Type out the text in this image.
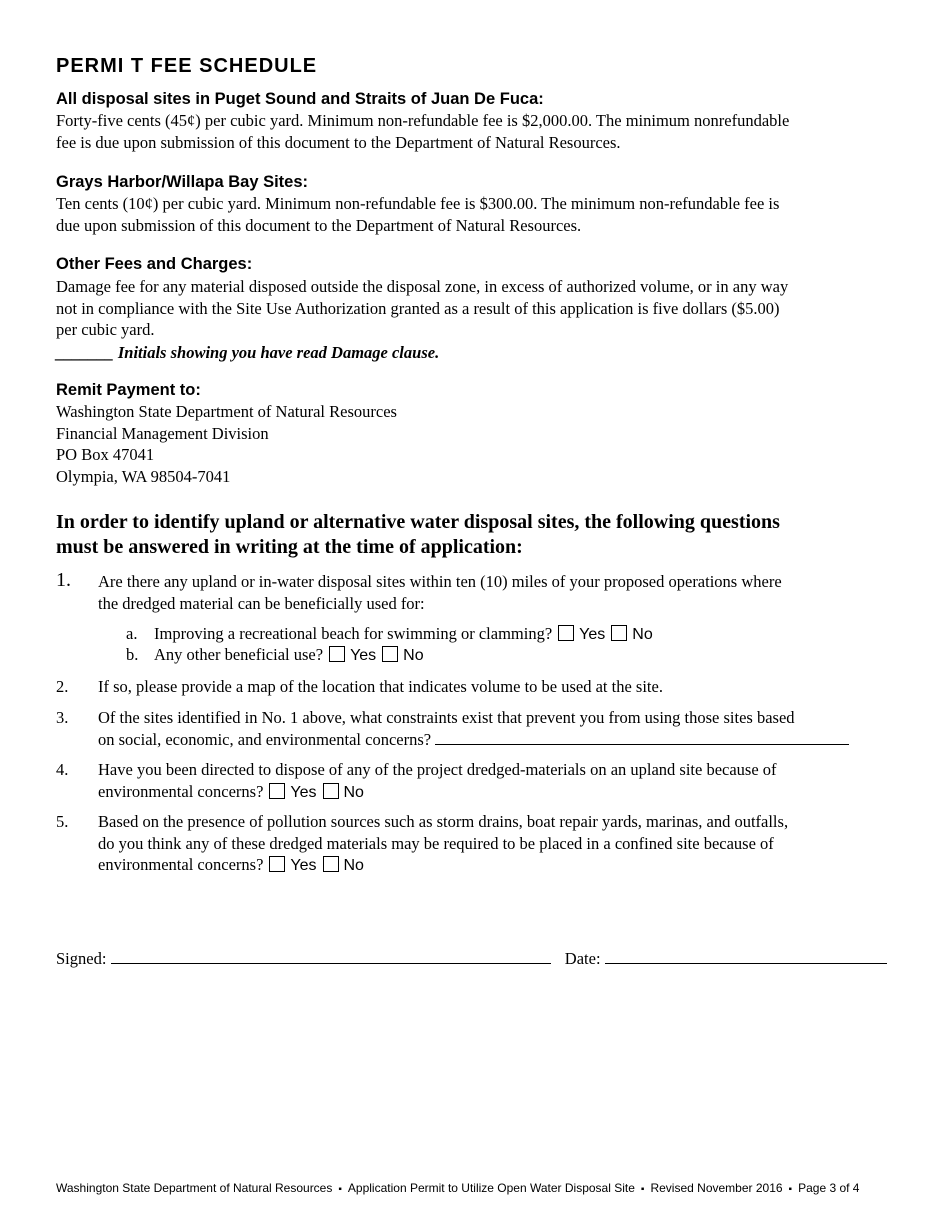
PERMI T FEE SCHEDULE
All disposal sites in Puget Sound and Straits of Juan De Fuca:
Forty-five cents (45¢) per cubic yard. Minimum non-refundable fee is $2,000.00. The minimum nonrefundable
fee is due upon submission of this document to the Department of Natural Resources.
Grays Harbor/Willapa Bay Sites:
Ten cents (10¢) per cubic yard. Minimum non-refundable fee is $300.00. The minimum non-refundable fee is
due upon submission of this document to the Department of Natural Resources.
Other Fees and Charges:
Damage fee for any material disposed outside the disposal zone, in excess of authorized volume, or in any way
not in compliance with the Site Use Authorization granted as a result of this application is five dollars ($5.00)
per cubic yard.
_______ Initials showing you have read Damage clause.
Remit Payment to:
Washington State Department of Natural Resources
Financial Management Division
PO Box 47041
Olympia, WA 98504-7041
In order to identify upland or alternative water disposal sites, the following questions
must be answered in writing at the time of application:
1. Are there any upland or in-water disposal sites within ten (10) miles of your proposed operations where
the dredged material can be beneficially used for:
a. Improving a recreational beach for swimming or clamming? Yes No
b. Any other beneficial use? Yes No
2. If so, please provide a map of the location that indicates volume to be used at the site.
3. Of the sites identified in No. 1 above, what constraints exist that prevent you from using those sites based
on social, economic, and environmental concerns?
4. Have you been directed to dispose of any of the project dredged-materials on an upland site because of
environmental concerns? Yes No
5. Based on the presence of pollution sources such as storm drains, boat repair yards, marinas, and outfalls,
do you think any of these dredged materials may be required to be placed in a confined site because of
environmental concerns? Yes No
Signed:	Date:
Washington State Department of Natural Resources ▪ Application Permit to Utilize Open Water Disposal Site ▪ Revised November 2016 ▪ Page 3 of 4
